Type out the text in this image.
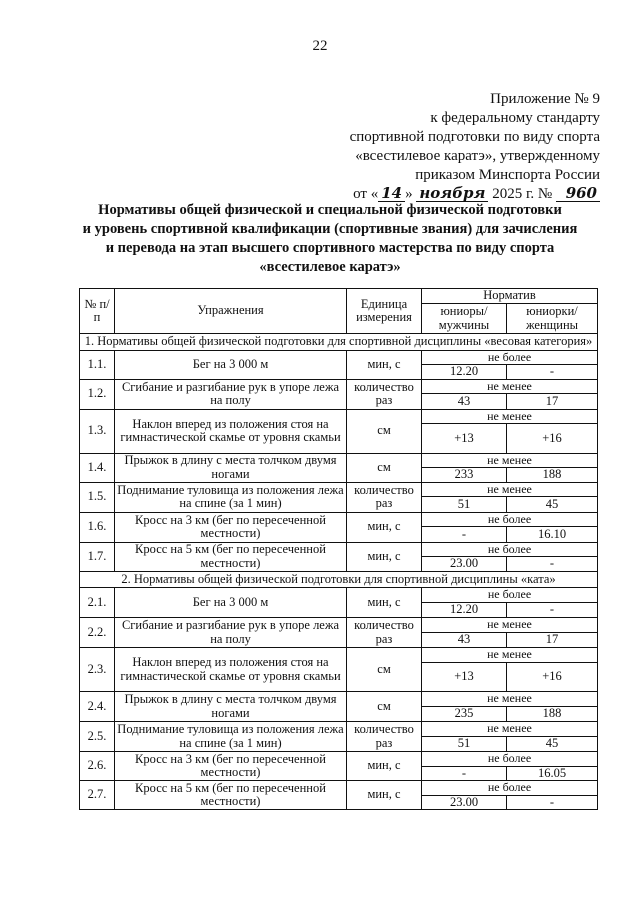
22
Приложение № 9
к федеральному стандарту
спортивной подготовки по виду спорта
«всестилевое каратэ», утвержденному
приказом Минспорта России
от « 14 » ноября 2025 г. № 960
Нормативы общей физической и специальной физической подготовки
и уровень спортивной квалификации (спортивные звания) для зачисления
и перевода на этап высшего спортивного мастерства по виду спорта
«всестилевое каратэ»
№ п/п	Упражнения	Единица измерения	Норматив	
			юниоры/ мужчины	юниорки/ женщины
1. Нормативы общей физической подготовки для спортивной дисциплины «весовая категория»				
1.1.	Бег на 3 000 м	мин, с	не более	
			12.20	-
1.2.	Сгибание и разгибание рук в упоре лежа на полу	количество раз	не менее	
			43	17
1.3.	Наклон вперед из положения стоя на гимнастической скамье от уровня скамьи	см	не менее	
			+13	+16
1.4.	Прыжок в длину с места толчком двумя ногами	см	не менее	
			233	188
1.5.	Поднимание туловища из положения лежа на спине (за 1 мин)	количество раз	не менее	
			51	45
1.6.	Кросс на 3 км (бег по пересеченной местности)	мин, с	не более	
			-	16.10
1.7.	Кросс на 5 км (бег по пересеченной местности)	мин, с	не более	
			23.00	-
2. Нормативы общей физической подготовки для спортивной дисциплины «ката»				
2.1.	Бег на 3 000 м	мин, с	не более	
			12.20	-
2.2.	Сгибание и разгибание рук в упоре лежа на полу	количество раз	не менее	
			43	17
2.3.	Наклон вперед из положения стоя на гимнастической скамье от уровня скамьи	см	не менее	
			+13	+16
2.4.	Прыжок в длину с места толчком двумя ногами	см	не менее	
			235	188
2.5.	Поднимание туловища из положения лежа на спине (за 1 мин)	количество раз	не менее	
			51	45
2.6.	Кросс на 3 км (бег по пересеченной местности)	мин, с	не более	
			-	16.05
2.7.	Кросс на 5 км (бег по пересеченной местности)	мин, с	не более	
			23.00	-
